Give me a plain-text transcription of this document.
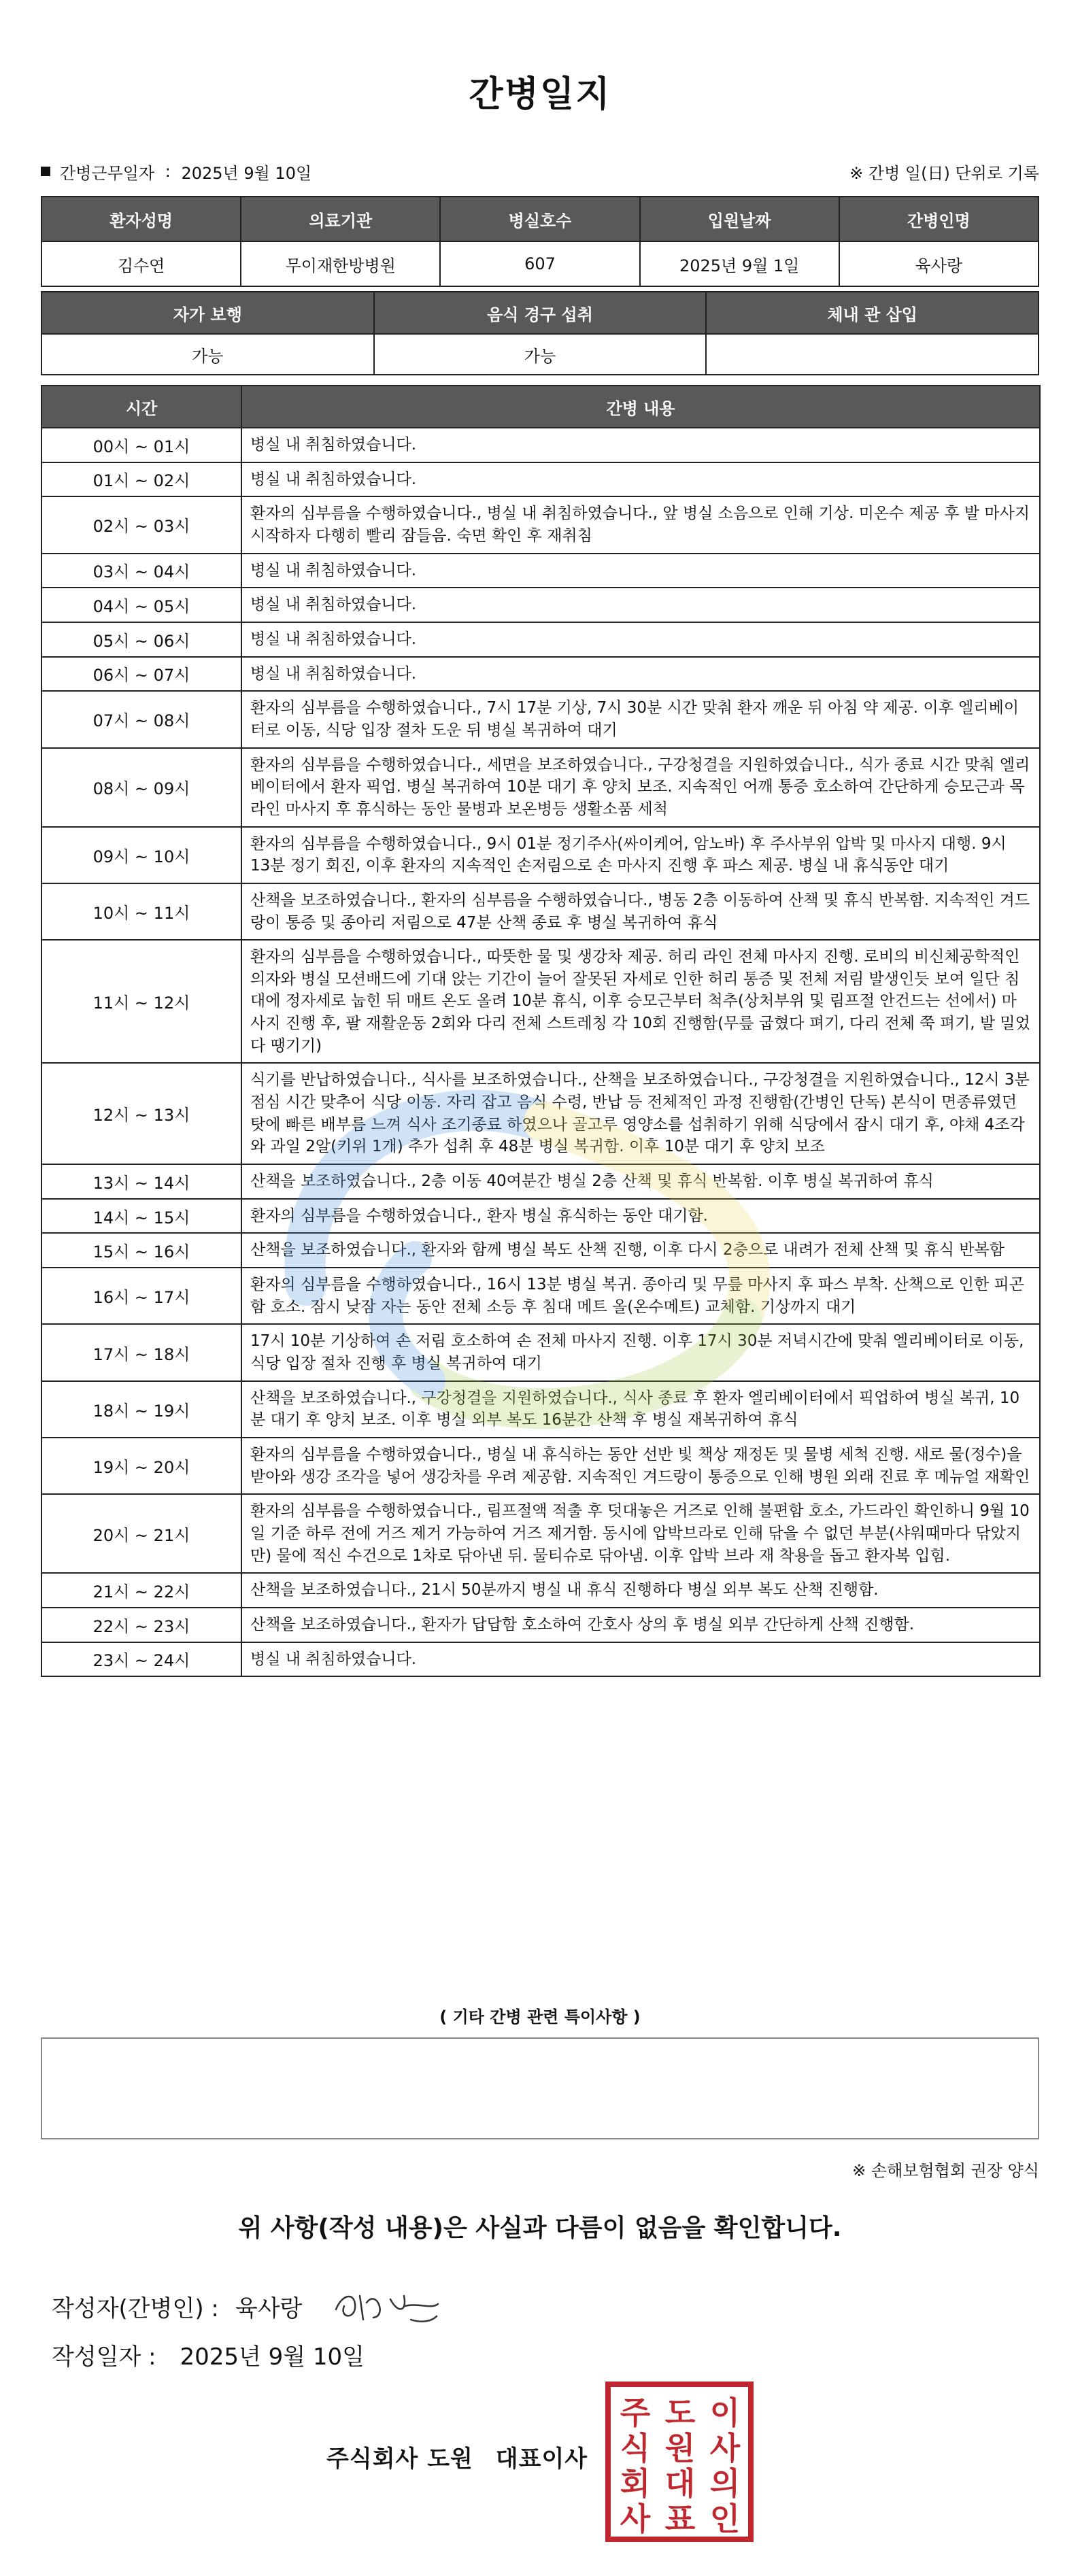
간병일지
간병근무일자 : 2025년 9월 10일	※ 간병 일(日) 단위로 기록
환자성명	의료기관	병실호수	입원날짜	간병인명
김수연	무이재한방병원	607	2025년 9월 1일	육사랑
자가 보행	음식 경구 섭취	체내 관 삽입
가능	가능	
시간	간병 내용
00시 ~ 01시	병실 내 취침하였습니다.
01시 ~ 02시	병실 내 취침하였습니다.
02시 ~ 03시	환자의 심부름을 수행하였습니다., 병실 내 취침하였습니다., 앞 병실 소음으로 인해 기상. 미온수 제공 후 발 마사지 시작하자 다행히 빨리 잠들음. 숙면 확인 후 재취침
03시 ~ 04시	병실 내 취침하였습니다.
04시 ~ 05시	병실 내 취침하였습니다.
05시 ~ 06시	병실 내 취침하였습니다.
06시 ~ 07시	병실 내 취침하였습니다.
07시 ~ 08시	환자의 심부름을 수행하였습니다., 7시 17분 기상, 7시 30분 시간 맞춰 환자 깨운 뒤 아침 약 제공. 이후 엘리베이터로 이동, 식당 입장 절차 도운 뒤 병실 복귀하여 대기
08시 ~ 09시	환자의 심부름을 수행하였습니다., 세면을 보조하였습니다., 구강청결을 지원하였습니다., 식가 종료 시간 맞춰 엘리베이터에서 환자 픽업. 병실 복귀하여 10분 대기 후 양치 보조. 지속적인 어깨 통증 호소하여 간단하게 승모근과 목라인 마사지 후 휴식하는 동안 물병과 보온병등 생활소품 세척
09시 ~ 10시	환자의 심부름을 수행하였습니다., 9시 01분 정기주사(싸이케어, 암노바) 후 주사부위 압박 및 마사지 대행. 9시 13분 정기 회진, 이후 환자의 지속적인 손저림으로 손 마사지 진행 후 파스 제공. 병실 내 휴식동안 대기
10시 ~ 11시	산책을 보조하였습니다., 환자의 심부름을 수행하였습니다., 병동 2층 이동하여 산책 및 휴식 반복함. 지속적인 겨드랑이 통증 및 종아리 저림으로 47분 산책 종료 후 병실 복귀하여 휴식
11시 ~ 12시	환자의 심부름을 수행하였습니다., 따뜻한 물 및 생강차 제공. 허리 라인 전체 마사지 진행. 로비의 비신체공학적인 의자와 병실 모션배드에 기대 앉는 기간이 늘어 잘못된 자세로 인한 허리 통증 및 전체 저림 발생인듯 보여 일단 침대에 정자세로 눕힌 뒤 매트 온도 올려 10분 휴식, 이후 승모근부터 척추(상처부위 및 림프절 안건드는 선에서) 마사지 진행 후, 팔 재활운동 2회와 다리 전체 스트레칭 각 10회 진행함(무릎 굽혔다 펴기, 다리 전체 쭉 펴기, 발 밀었다 땡기기)
12시 ~ 13시	식기를 반납하였습니다., 식사를 보조하였습니다., 산책을 보조하였습니다., 구강청결을 지원하였습니다., 12시 3분 점심 시간 맞추어 식당 이동. 자리 잡고 음식 수령, 반납 등 전체적인 과정 진행함(간병인 단독) 본식이 면종류였던 탓에 빠른 배부름 느껴 식사 조기종료 하였으나 골고루 영양소를 섭취하기 위해 식당에서 잠시 대기 후, 야채 4조각와 과일 2알(키위 1개) 추가 섭취 후 48분 병실 복귀함. 이후 10분 대기 후 양치 보조
13시 ~ 14시	산책을 보조하였습니다., 2층 이동 40여분간 병실 2층 산책 및 휴식 반복함. 이후 병실 복귀하여 휴식
14시 ~ 15시	환자의 심부름을 수행하였습니다., 환자 병실 휴식하는 동안 대기함.
15시 ~ 16시	산책을 보조하였습니다., 환자와 함께 병실 복도 산책 진행, 이후 다시 2층으로 내려가 전체 산책 및 휴식 반복함
16시 ~ 17시	환자의 심부름을 수행하였습니다., 16시 13분 병실 복귀. 종아리 및 무릎 마사지 후 파스 부착. 산책으로 인한 피곤함 호소. 잠시 낮잠 자는 동안 전체 소등 후 침대 메트 올(온수메트) 교체함. 기상까지 대기
17시 ~ 18시	17시 10분 기상하여 손 저림 호소하여 손 전체 마사지 진행. 이후 17시 30분 저녁시간에 맞춰 엘리베이터로 이동, 식당 입장 절차 진행 후 병실 복귀하여 대기
18시 ~ 19시	산책을 보조하였습니다., 구강청결을 지원하였습니다., 식사 종료 후 환자 엘리베이터에서 픽업하여 병실 복귀, 10분 대기 후 양치 보조. 이후 병실 외부 복도 16분간 산책 후 병실 재복귀하여 휴식
19시 ~ 20시	환자의 심부름을 수행하였습니다., 병실 내 휴식하는 동안 선반 빛 책상 재정돈 및 물병 세척 진행. 새로 물(정수)을 받아와 생강 조각을 넣어 생강차를 우려 제공함. 지속적인 겨드랑이 통증으로 인해 병원 외래 진료 후 메뉴얼 재확인
20시 ~ 21시	환자의 심부름을 수행하였습니다., 림프절액 적출 후 덧대놓은 거즈로 인해 불편함 호소, 가드라인 확인하니 9월 10일 기준 하루 전에 거즈 제거 가능하여 거즈 제거함. 동시에 압박브라로 인해 닦을 수 없던 부분(샤워때마다 닦았지만) 물에 적신 수건으로 1차로 닦아낸 뒤. 물티슈로 닦아냄. 이후 압박 브라 재 착용을 돕고 환자복 입힘.
21시 ~ 22시	산책을 보조하였습니다., 21시 50분까지 병실 내 휴식 진행하다 병실 외부 복도 산책 진행함.
22시 ~ 23시	산책을 보조하였습니다., 환자가 답답함 호소하여 간호사 상의 후 병실 외부 간단하게 산책 진행함.
23시 ~ 24시	병실 내 취침하였습니다.
( 기타 간병 관련 특이사항 )
※ 손해보험협회 권장 양식
위 사항(작성 내용)은 사실과 다름이 없음을 확인합니다.
작성자(간병인) : 육사랑
작성일자 : 2025년 9월 10일
주식회사 도원 대표이사
주
식
회
사
도
원
대
표
이
사
의
인
